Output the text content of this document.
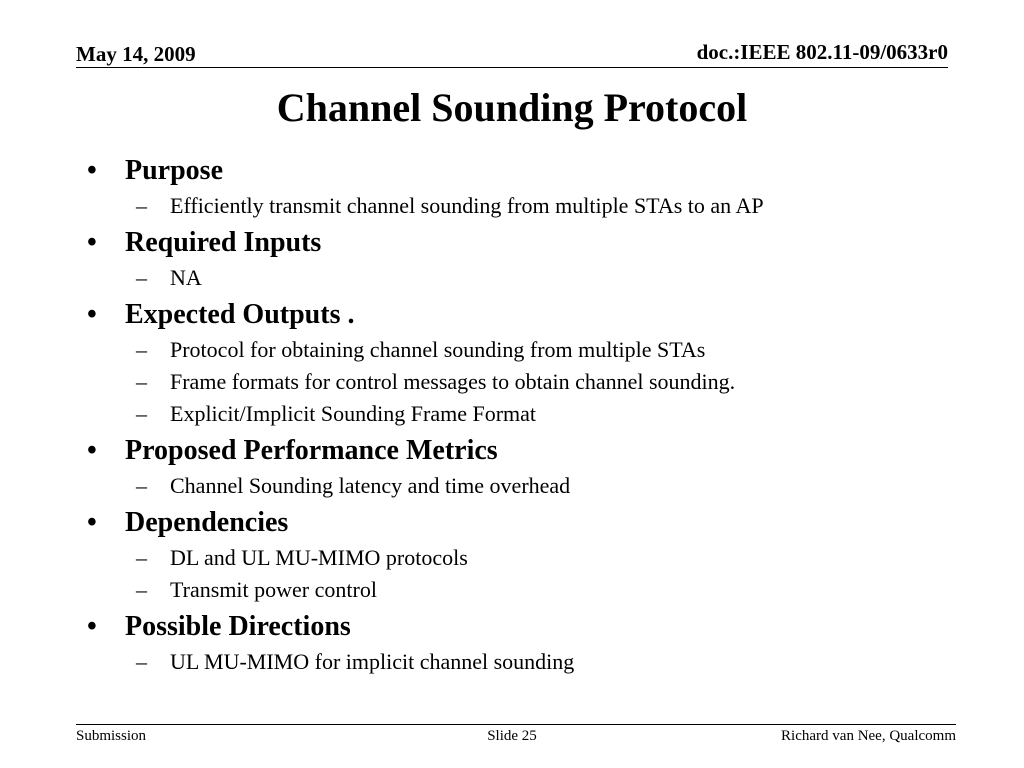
May 14, 2009	doc.:IEEE 802.11-09/0633r0
Channel Sounding Protocol
• Purpose
– Efficiently transmit channel sounding from multiple STAs to an AP
• Required Inputs
– NA
• Expected Outputs .
– Protocol for obtaining channel sounding from multiple STAs
– Frame formats for control messages to obtain channel sounding.
– Explicit/Implicit Sounding Frame Format
• Proposed Performance Metrics
– Channel Sounding latency and time overhead
• Dependencies
– DL and UL MU-MIMO protocols
– Transmit power control
• Possible Directions
– UL MU-MIMO for implicit channel sounding
Submission	Slide 25	Richard van Nee, Qualcomm
